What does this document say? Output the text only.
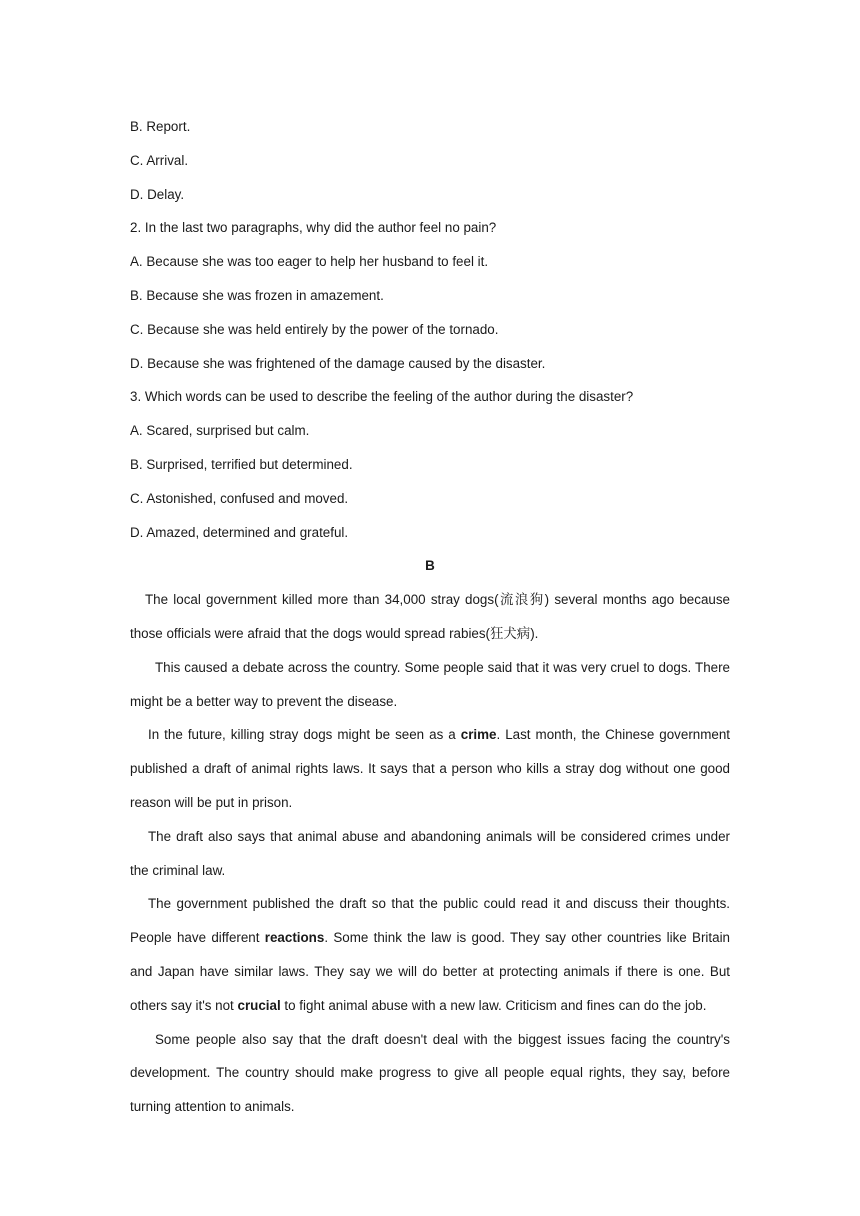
B. Report.
C. Arrival.
D. Delay.
2. In the last two paragraphs, why did the author feel no pain?
A. Because she was too eager to help her husband to feel it.
B. Because she was frozen in amazement.
C. Because she was held entirely by the power of the tornado.
D. Because she was frightened of the damage caused by the disaster.
3. Which words can be used to describe the feeling of the author during the disaster?
A. Scared, surprised but calm.
B. Surprised, terrified but determined.
C. Astonished, confused and moved.
D. Amazed, determined and grateful.
B

The local government killed more than 34,000 stray dogs(流浪狗) several months ago because those officials were afraid that the dogs would spread rabies(狂犬病).

This caused a debate across the country. Some people said that it was very cruel to dogs. There might be a better way to prevent the disease.

In the future, killing stray dogs might be seen as a crime. Last month, the Chinese government published a draft of animal rights laws. It says that a person who kills a stray dog without one good reason will be put in prison.

The draft also says that animal abuse and abandoning animals will be considered crimes under the criminal law.

The government published the draft so that the public could read it and discuss their thoughts. People have different reactions. Some think the law is good. They say other countries like Britain and Japan have similar laws. They say we will do better at protecting animals if there is one. But others say it's not crucial to fight animal abuse with a new law. Criticism and fines can do the job.

Some people also say that the draft doesn't deal with the biggest issues facing the country's development. The country should make progress to give all people equal rights, they say, before turning attention to animals.
